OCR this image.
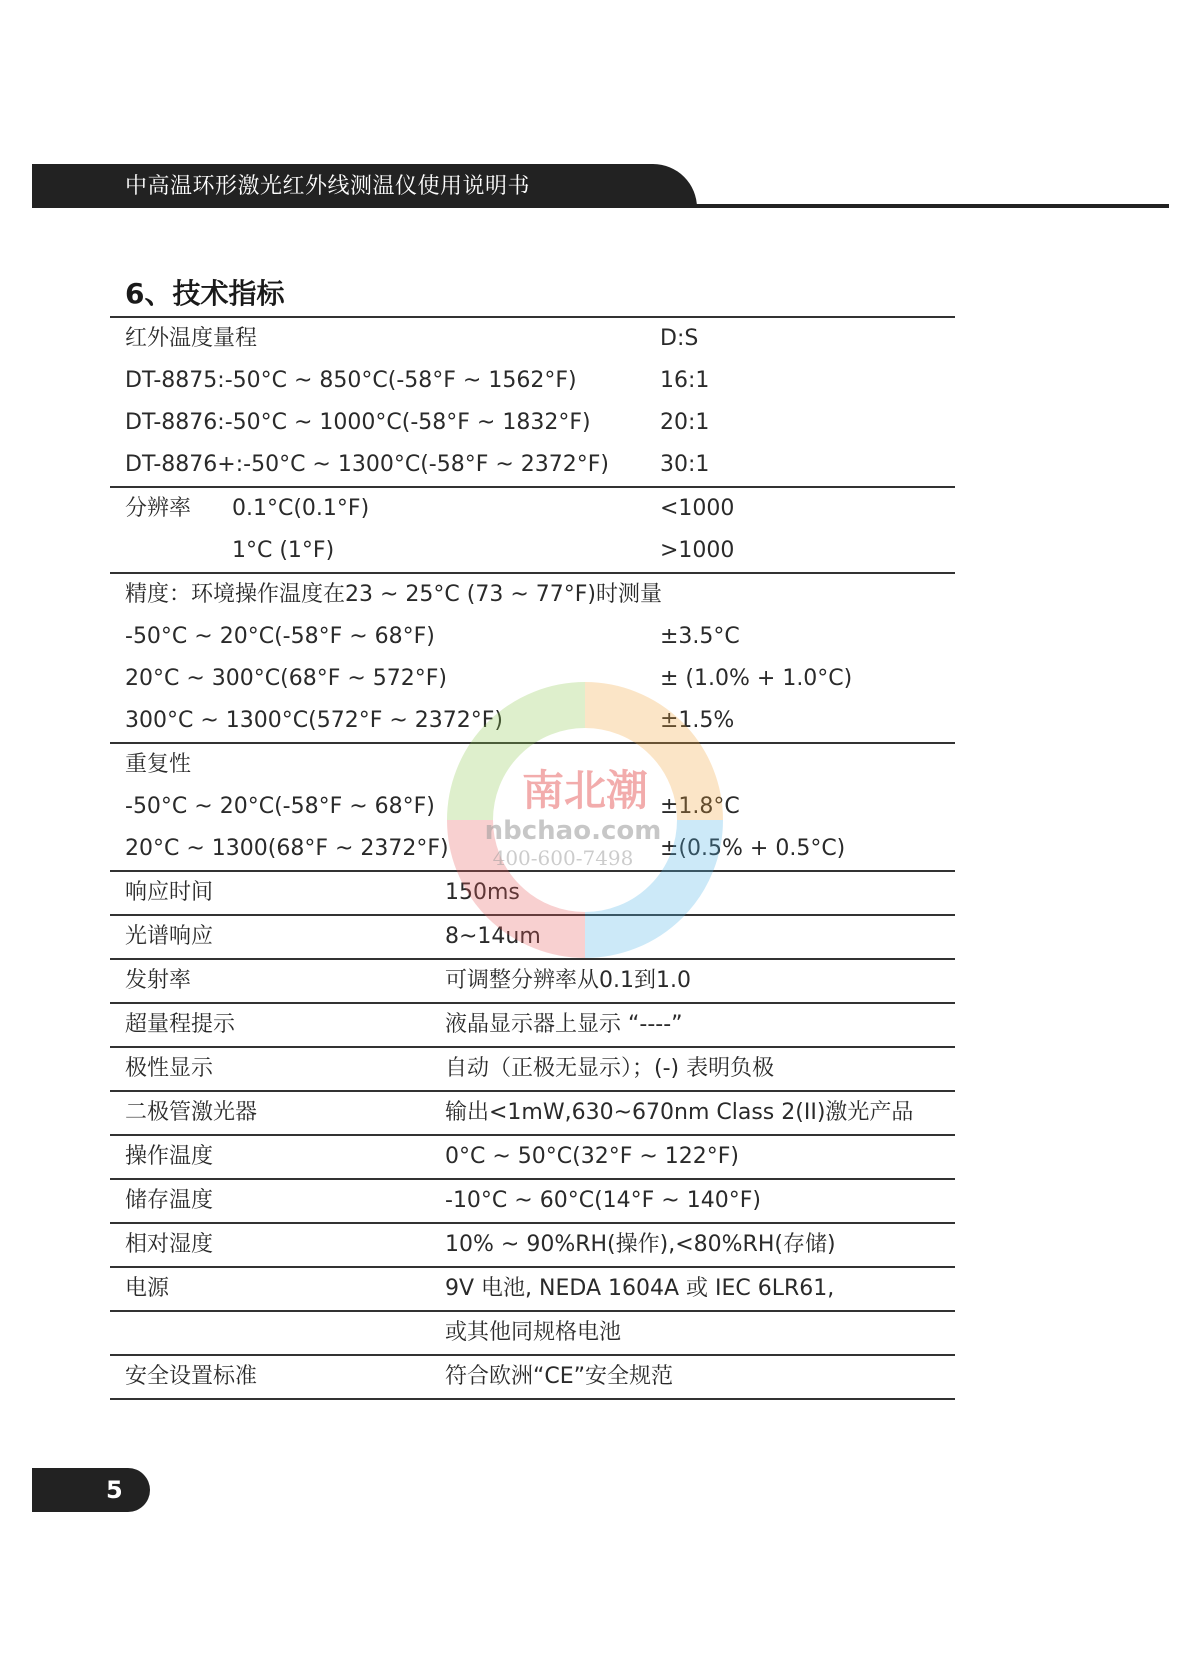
中高温环形激光红外线测温仪使用说明书
6、技术指标
红外温度量程	D:S
DT-8875:-50°C ~ 850°C(-58°F ~ 1562°F)	16:1
DT-8876:-50°C ~ 1000°C(-58°F ~ 1832°F)	20:1
DT-8876+:-50°C ~ 1300°C(-58°F ~ 2372°F) 30:1
分辨率 0.1°C(0.1°F)	<1000
1°C (1°F)	>1000
精度：环境操作温度在23 ~ 25°C (73 ~ 77°F)时测量
-50°C ~ 20°C(-58°F ~ 68°F)	±3.5°C
20°C ~ 300°C(68°F ~ 572°F)	± (1.0% + 1.0°C)
300°C ~ 1300°C(572°F ~ 2372°F)	±1.5%
重复性
-50°C ~ 20°C(-58°F ~ 68°F)	±1.8°C
20°C ~ 1300(68°F ~ 2372°F)	±(0.5% + 0.5°C)
响应时间	150ms
光谱响应	8~14um
发射率	可调整分辨率从0.1到1.0
超量程提示	液晶显示器上显示 “----”
极性显示	自动（正极无显示）；(-) 表明负极
二极管激光器	输出<1mW,630~670nm Class 2(II)激光产品
操作温度	0°C ~ 50°C(32°F ~ 122°F)
储存温度	-10°C ~ 60°C(14°F ~ 140°F)
相对湿度	10% ~ 90%RH(操作),<80%RH(存储)
电源	9V 电池, NEDA 1604A 或 IEC 6LR61,
或其他同规格电池
安全设置标准	符合欧洲“CE”安全规范
南北潮
nbchao.com
400-600-7498
5
